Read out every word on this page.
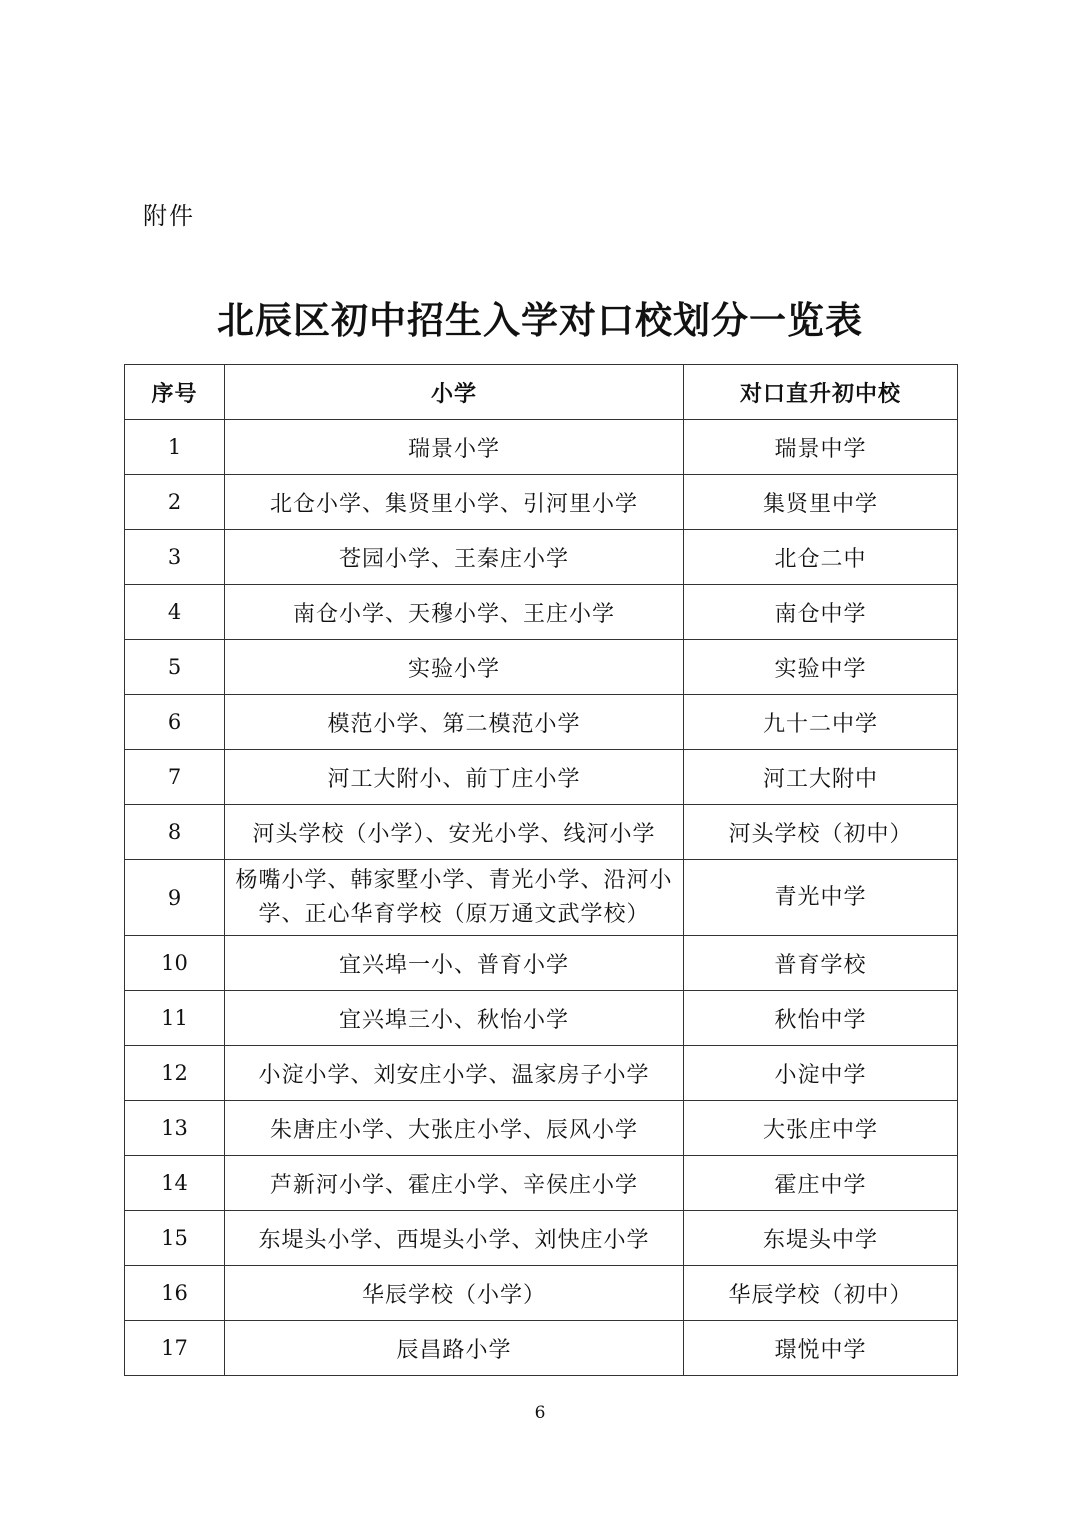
附件
北辰区初中招生入学对口校划分一览表
序号	小学	对口直升初中校
1	瑞景小学	瑞景中学
2	北仓小学、集贤里小学、引河里小学	集贤里中学
3	苍园小学、王秦庄小学	北仓二中
4	南仓小学、天穆小学、王庄小学	南仓中学
5	实验小学	实验中学
6	模范小学、第二模范小学	九十二中学
7	河工大附小、前丁庄小学	河工大附中
8	河头学校（小学）、安光小学、线河小学	河头学校（初中）
9	杨嘴小学、韩家墅小学、青光小学、沿河小学、正心华育学校（原万通文武学校）	青光中学
10	宜兴埠一小、普育小学	普育学校
11	宜兴埠三小、秋怡小学	秋怡中学
12	小淀小学、刘安庄小学、温家房子小学	小淀中学
13	朱唐庄小学、大张庄小学、辰风小学	大张庄中学
14	芦新河小学、霍庄小学、辛侯庄小学	霍庄中学
15	东堤头小学、西堤头小学、刘快庄小学	东堤头中学
16	华辰学校（小学）	华辰学校（初中）
17	辰昌路小学	璟悦中学
6
